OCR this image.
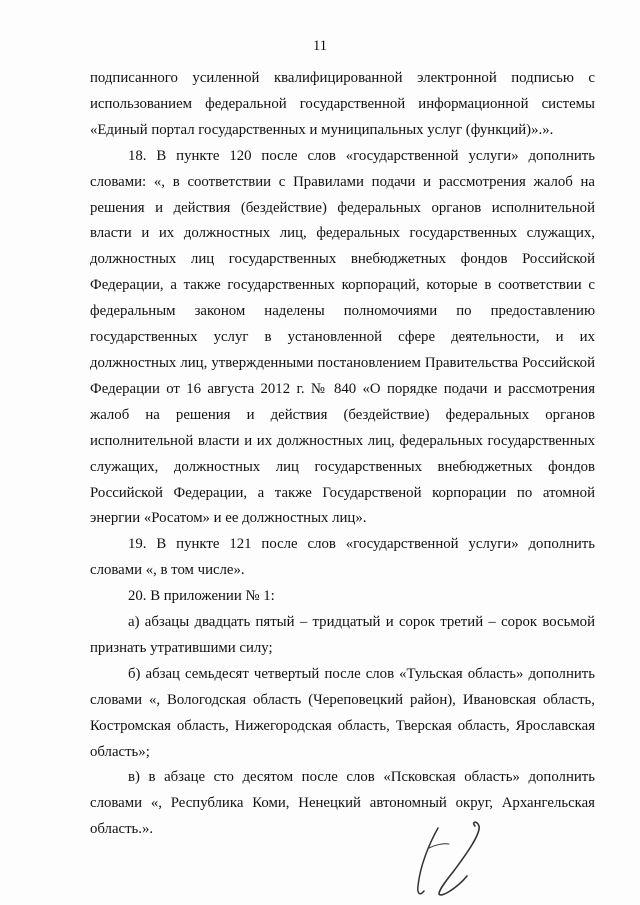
11

подписанного усиленной квалифицированной электронной подписью с использованием федеральной государственной информационной системы «Единый портал государственных и муниципальных услуг (функций)».».

18. В пункте 120 после слов «государственной услуги» дополнить словами: «, в соответствии с Правилами подачи и рассмотрения жалоб на решения и действия (бездействие) федеральных органов исполнительной власти и их должностных лиц, федеральных государственных служащих, должностных лиц государственных внебюджетных фондов Российской Федерации, а также государственных корпораций, которые в соответствии с федеральным законом наделены полномочиями по предоставлению государственных услуг в установленной сфере деятельности, и их должностных лиц, утвержденными постановлением Правительства Российской Федерации от 16 августа 2012 г. № 840 «О порядке подачи и рассмотрения жалоб на решения и действия (бездействие) федеральных органов исполнительной власти и их должностных лиц, федеральных государственных служащих, должностных лиц государственных внебюджетных фондов Российской Федерации, а также Государственой корпорации по атомной энергии «Росатом» и ее должностных лиц».

19. В пункте 121 после слов «государственной услуги» дополнить словами «, в том числе».

20. В приложении № 1:

а) абзацы двадцать пятый – тридцатый и сорок третий – сорок восьмой признать утратившими силу;

б) абзац семьдесят четвертый после слов «Тульская область» дополнить словами «, Вологодская область (Череповецкий район), Ивановская область, Костромская область, Нижегородская область, Тверская область, Ярославская область»;

в) в абзаце сто десятом после слов «Псковская область» дополнить словами «, Республика Коми, Ненецкий автономный округ, Архангельская область.».
